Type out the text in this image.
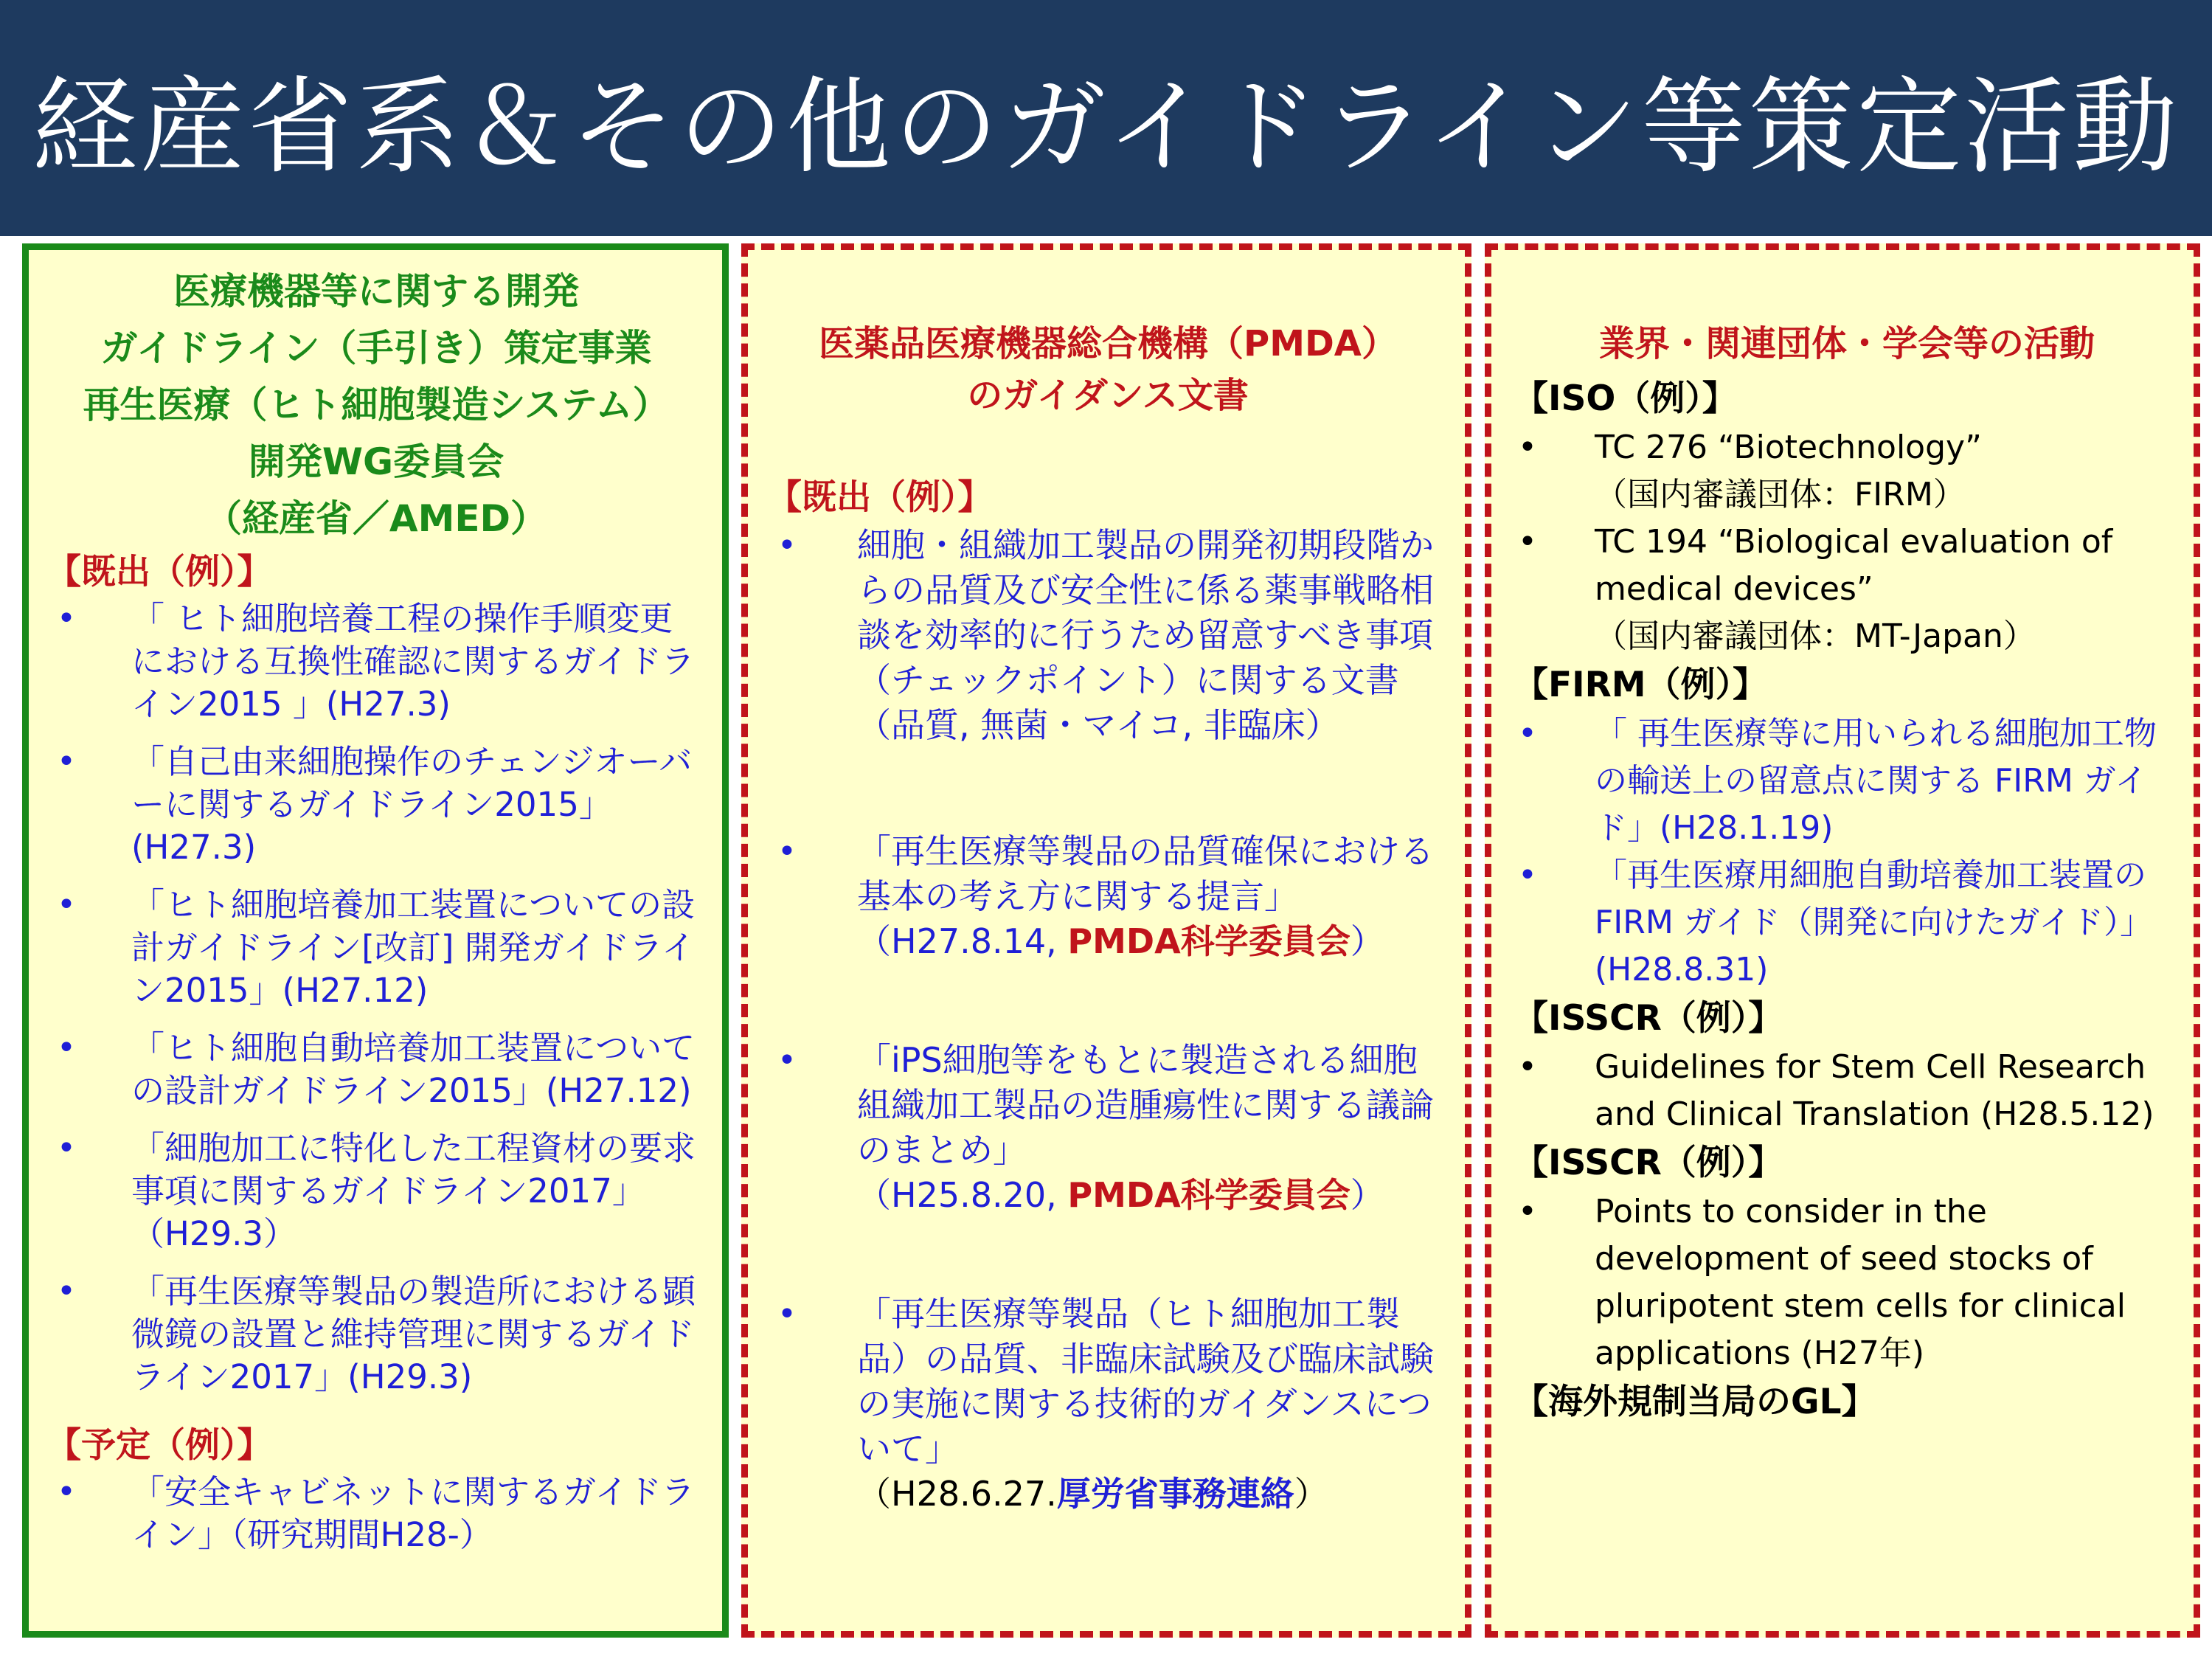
経産省系＆その他のガイドライン等策定活動
医療機器等に関する開発
ガイドライン（手引き）策定事業
再生医療（ヒト細胞製造システム）
開発WG委員会
（経産省／AMED）
【既出（例）】
• 「 ヒト細胞培養工程の操作手順変更における互換性確認に関するガイドライン2015 」(H27.3)
• 「自己由来細胞操作のチェンジオーバーに関するガイドライン2015」(H27.3)
• 「ヒト細胞培養加工装置についての設計ガイドライン[改訂] 開発ガイドライン2015」(H27.12)
• 「ヒト細胞自動培養加工装置についての設計ガイドライン2015」(H27.12)
• 「細胞加工に特化した工程資材の要求事項に関するガイドライン2017」（H29.3）
• 「再生医療等製品の製造所における顕微鏡の設置と維持管理に関するガイドライン2017」(H29.3)
【予定（例）】
• 「安全キャビネットに関するガイドライン」（研究期間H28-）
医薬品医療機器総合機構（PMDA）
のガイダンス文書
【既出（例）】
• 細胞・組織加工製品の開発初期段階からの品質及び安全性に係る薬事戦略相談を効率的に行うため留意すべき事項（チェックポイント）に関する文書（品質, 無菌・マイコ, 非臨床）
• 「再生医療等製品の品質確保における基本の考え方に関する提言」
（H27.8.14, PMDA科学委員会）
• 「iPS細胞等をもとに製造される細胞組織加工製品の造腫瘍性に関する議論のまとめ」
（H25.8.20, PMDA科学委員会）
• 「再生医療等製品（ヒト細胞加工製品）の品質、非臨床試験及び臨床試験の実施に関する技術的ガイダンスについて」
（H28.6.27.厚労省事務連絡）
業界・関連団体・学会等の活動
【ISO（例）】
• TC 276 “Biotechnology”
（国内審議団体：FIRM）
• TC 194 “Biological evaluation of medical devices”
（国内審議団体：MT-Japan）
【FIRM（例）】
• 「 再生医療等に用いられる細胞加工物の輸送上の留意点に関する FIRM ガイド」(H28.1.19)
• 「再生医療用細胞自動培養加工装置のFIRM ガイド（開発に向けたガイド）」(H28.8.31)
【ISSCR（例）】
• Guidelines for Stem Cell Research and Clinical Translation (H28.5.12)
【ISSCR（例）】
• Points to consider in the development of seed stocks of pluripotent stem cells for clinical applications (H27年)
【海外規制当局のGL】
